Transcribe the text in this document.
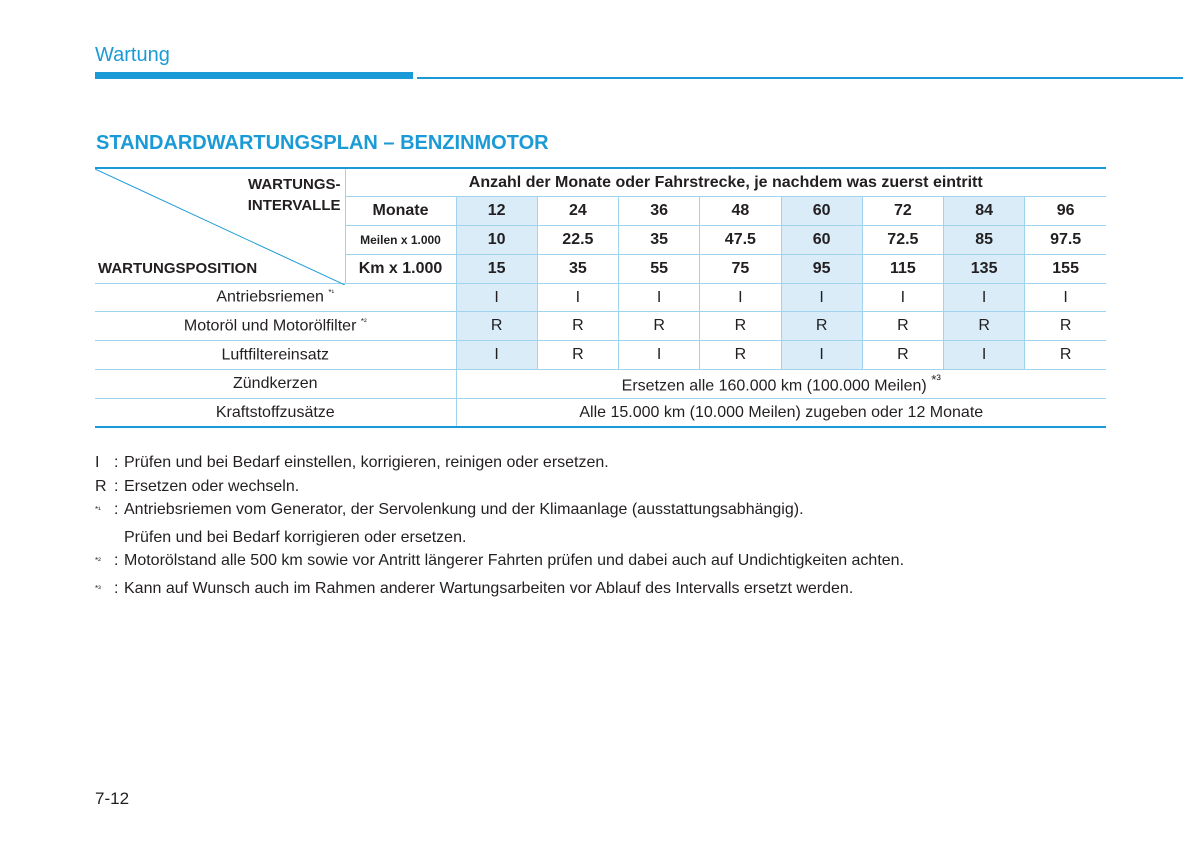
Wartung
STANDARDWARTUNGSPLAN – BENZINMOTOR
WARTUNGS-
INTERVALLE
WARTUNGSPOSITION	Anzahl der Monate oder Fahrstrecke, je nachdem was zuerst eintritt								
	Monate	12	24	36	48	60	72	84	96
	Meilen x 1.000	10	22.5	35	47.5	60	72.5	85	97.5
	Km x 1.000	15	35	55	75	95	115	135	155
Antriebsriemen $^{*^1}$		I	I	I	I	I	I	I	I
Motoröl und Motorölfilter $^{*^2}$		R	R	R	R	R	R	R	R
Luftfiltereinsatz		I	R	I	R	I	R	I	R
Zündkerzen		Ersetzen alle 160.000 km (100.000 Meilen) $^{*^3}$
Kraftstoffzusätze		Alle 15.000 km (10.000 Meilen) zugeben oder 12 Monate							
I : Prüfen und bei Bedarf einstellen, korrigieren, reinigen oder ersetzen.
R : Ersetzen oder wechseln.
$^{*^1}$ : Antriebsriemen vom Generator, der Servolenkung und der Klimaanlage (ausstattungsabhängig).
Prüfen und bei Bedarf korrigieren oder ersetzen.
$^{*^2}$ : Motorölstand alle 500 km sowie vor Antritt längerer Fahrten prüfen und dabei auch auf Undichtigkeiten achten.
$^{*^3}$ : Kann auf Wunsch auch im Rahmen anderer Wartungsarbeiten vor Ablauf des Intervalls ersetzt werden.
7-12
